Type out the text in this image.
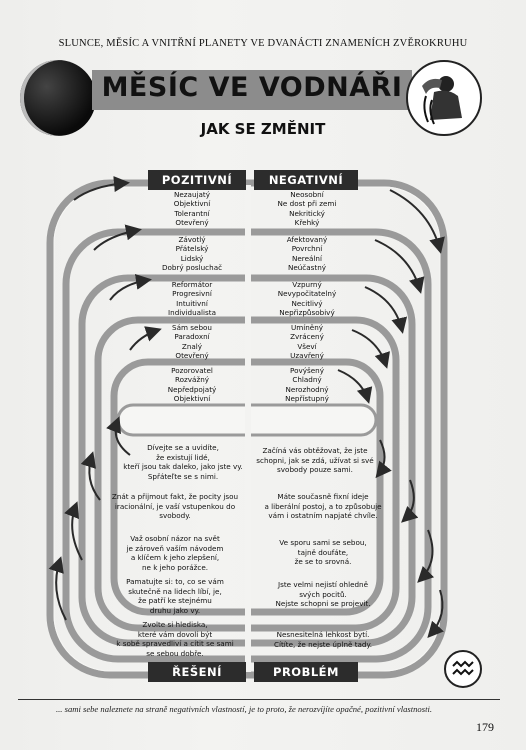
SLUNCE, MĚSÍC A VNITŘNÍ PLANETY VE DVANÁCTI ZNAMENÍCH ZVĚROKRUHU
MĚSÍC VE VODNÁŘI
JAK SE ZMĚNIT
POZITIVNÍ	NEGATIVNÍ
Nezaujatý
Objektivní
Tolerantní
Otevřený
Neosobní
Ne dost při zemi
Nekritický
Křehký
Závotlý
Přátelský
Lidský
Dobrý posluchač
Afektovaný
Povrchní
Nereální
Neúčastný
Reformátor
Progresivní
Intuitivní
Individualista
Vzpurný
Nevypočitatelný
Necitlivý
Nepřizpůsobivý
Sám sebou
Paradoxní
Znalý
Otevřený
Umíněný
Zvrácený
Vševí
Uzavřený
Pozorovatel
Rozvážný
Nepředpojatý
Objektivní
Povýšený
Chladný
Nerozhodný
Nepřístupný
Dívejte se a uvidíte,
že existují lidé,
kteří jsou tak daleko, jako jste vy.
Spřáteľte se s nimi.
Začíná vás obtěžovat, že jste
schopni, jak se zdá, užívat si své
svobody pouze sami.
Znát a přijmout fakt, že pocity jsou
iracionální, je vaší vstupenkou do
svobody.
Máte současně fixní ideje
a liberální postoj, a to způsobuje
vám i ostatním napjaté chvíle.
Važ osobní názor na svět
je zároveň vaším návodem
a klíčem k jeho zlepšení,
ne k jeho porážce.
Ve sporu sami se sebou,
tajně doufáte,
že se to srovná.
Pamatujte si: to, co se vám
skutečně na lidech líbí, je,
že patří ke stejnému
druhu jako vy.
Jste velmi nejistí ohledně
svých pocitů.
Nejste schopni se projevit.
Zvolte si hlediska,
které vám dovolí být
k sobě spravedliví a cítit se sami
se sebou dobře.
Nesnesitelná lehkost bytí.
Cítíte, že nejste úplně tady.
ŘEŠENÍ	PROBLÉM
... sami sebe naleznete na straně negativních vlastností, je to proto, že nerozvíjíte opačné, pozitivní vlastnosti.
179
